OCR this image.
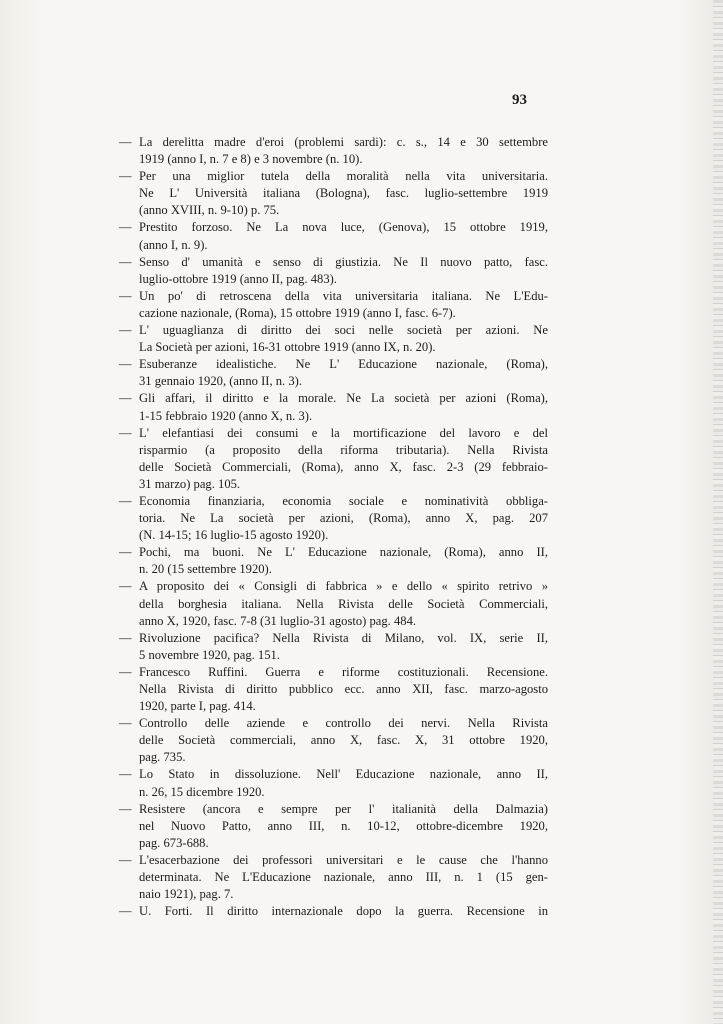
93
— La derelitta madre d'eroi (problemi sardi): c. s., 14 e 30 settembre
1919 (anno I, n. 7 e 8) e 3 novembre (n. 10).
— Per una miglior tutela della moralità nella vita universitaria.
Ne L' Università italiana (Bologna), fasc. luglio-settembre 1919
(anno XVIII, n. 9-10) p. 75.
— Prestito forzoso. Ne La nova luce, (Genova), 15 ottobre 1919,
(anno I, n. 9).
— Senso d' umanità e senso di giustizia. Ne Il nuovo patto, fasc.
luglio-ottobre 1919 (anno II, pag. 483).
— Un po' di retroscena della vita universitaria italiana. Ne L'Edu-
cazione nazionale, (Roma), 15 ottobre 1919 (anno I, fasc. 6-7).
— L' uguaglianza di diritto dei soci nelle società per azioni. Ne
La Società per azioni, 16-31 ottobre 1919 (anno IX, n. 20).
— Esuberanze idealistiche. Ne L' Educazione nazionale, (Roma),
31 gennaio 1920, (anno II, n. 3).
— Gli affari, il diritto e la morale. Ne La società per azioni (Roma),
1-15 febbraio 1920 (anno X, n. 3).
— L' elefantiasi dei consumi e la mortificazione del lavoro e del
risparmio (a proposito della riforma tributaria). Nella Rivista
delle Società Commerciali, (Roma), anno X, fasc. 2-3 (29 febbraio-
31 marzo) pag. 105.
— Economia finanziaria, economia sociale e nominatività obbliga-
toria. Ne La società per azioni, (Roma), anno X, pag. 207
(N. 14-15; 16 luglio-15 agosto 1920).
— Pochi, ma buoni. Ne L' Educazione nazionale, (Roma), anno II,
n. 20 (15 settembre 1920).
— A proposito dei « Consigli di fabbrica » e dello « spirito retrivo »
della borghesia italiana. Nella Rivista delle Società Commerciali,
anno X, 1920, fasc. 7-8 (31 luglio-31 agosto) pag. 484.
— Rivoluzione pacifica? Nella Rivista di Milano, vol. IX, serie II,
5 novembre 1920, pag. 151.
— Francesco Ruffini. Guerra e riforme costituzionali. Recensione.
Nella Rivista di diritto pubblico ecc. anno XII, fasc. marzo-agosto
1920, parte I, pag. 414.
— Controllo delle aziende e controllo dei nervi. Nella Rivista
delle Società commerciali, anno X, fasc. X, 31 ottobre 1920,
pag. 735.
— Lo Stato in dissoluzione. Nell' Educazione nazionale, anno II,
n. 26, 15 dicembre 1920.
— Resistere (ancora e sempre per l' italianità della Dalmazia)
nel Nuovo Patto, anno III, n. 10-12, ottobre-dicembre 1920,
pag. 673-688.
— L'esacerbazione dei professori universitari e le cause che l'hanno
determinata. Ne L'Educazione nazionale, anno III, n. 1 (15 gen-
naio 1921), pag. 7.
— U. Forti. Il diritto internazionale dopo la guerra. Recensione in
